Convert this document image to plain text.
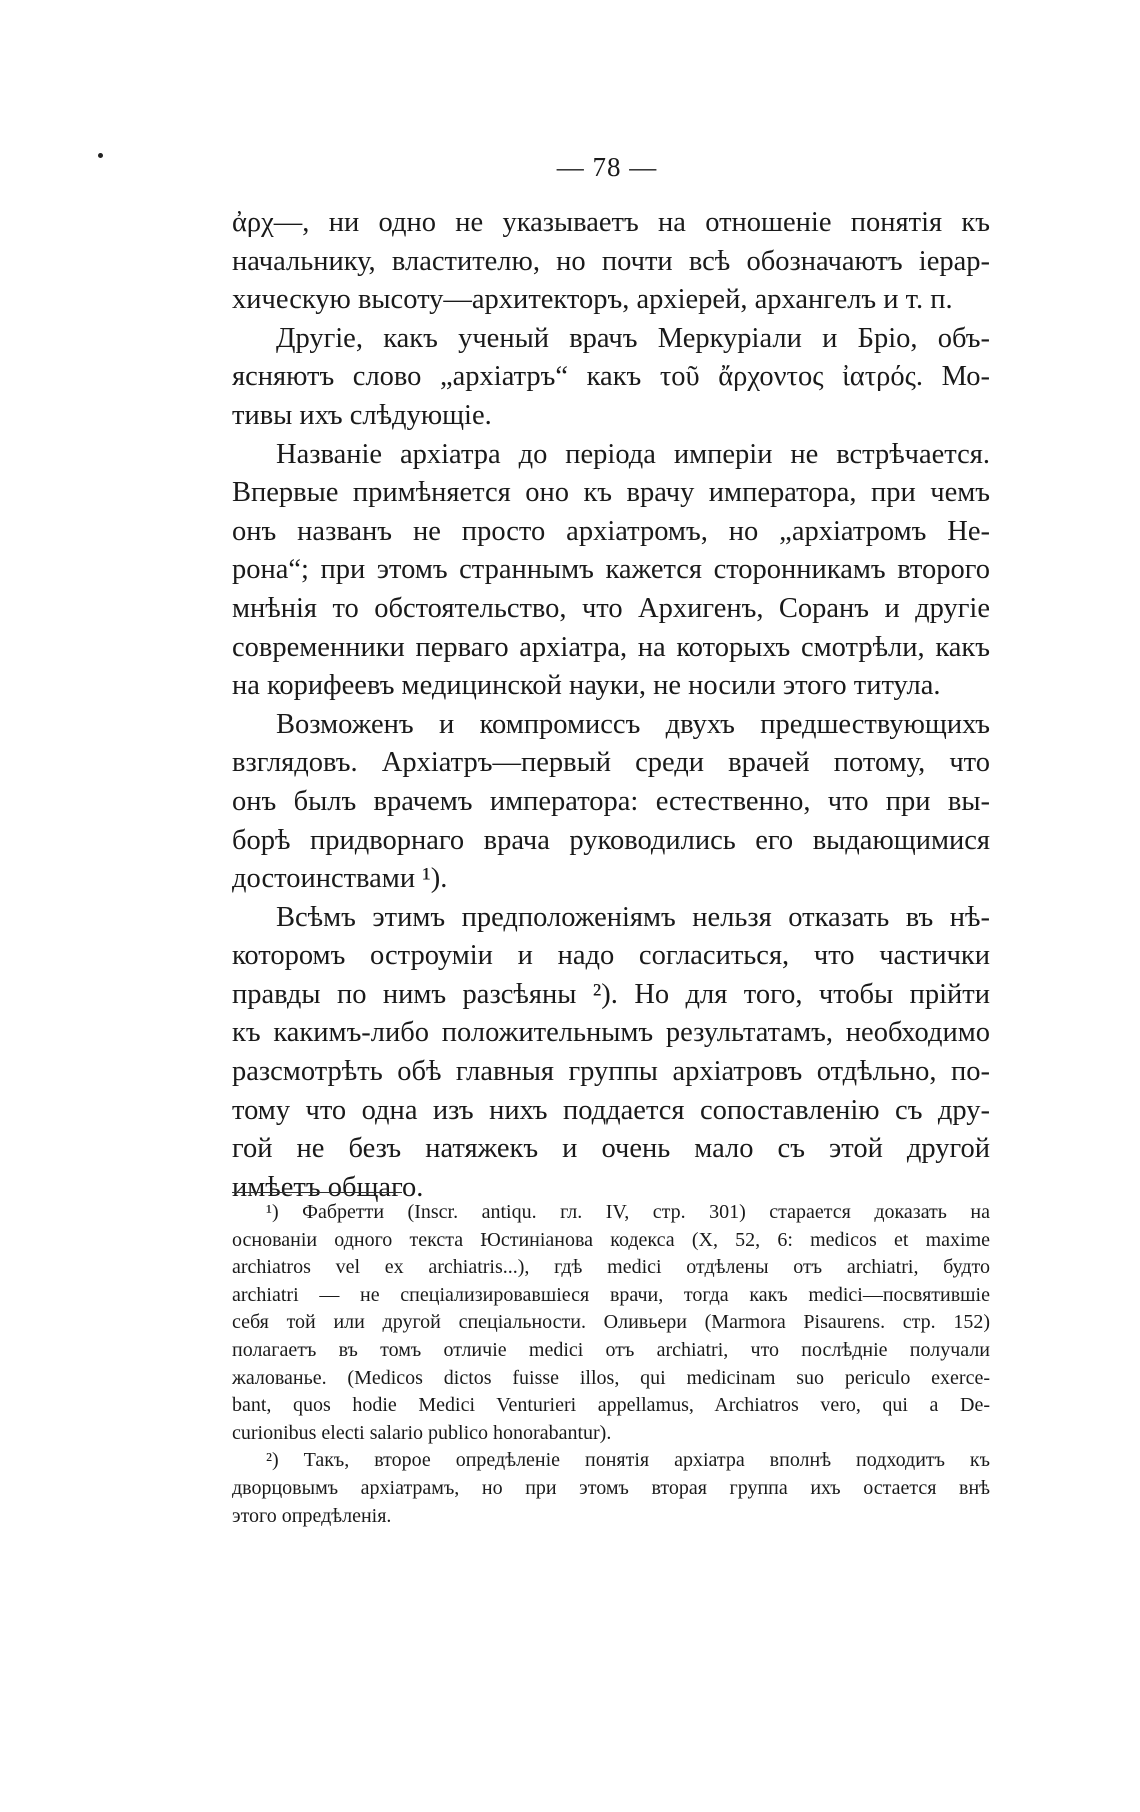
— 78 —
ἀρχ—, ни одно не указываетъ на отношеніе понятія къ
начальнику, властителю, но почти всѣ обозначаютъ іерар-
хическую высоту—архитекторъ, архіерей, архангелъ и т. п.
Другіе, какъ ученый врачъ Меркуріали и Бріо, объ-
ясняютъ слово „архіатръ“ какъ τοῦ ἄρχοντος ἰατρός. Мо-
тивы ихъ слѣдующіе.
Названіе архіатра до періода имперіи не встрѣчается.
Впервые примѣняется оно къ врачу императора, при чемъ
онъ названъ не просто архіатромъ, но „архіатромъ Не-
рона“; при этомъ страннымъ кажется сторонникамъ второго
мнѣнія то обстоятельство, что Архигенъ, Соранъ и другіе
современники перваго архіатра, на которыхъ смотрѣли, какъ
на корифеевъ медицинской науки, не носили этого титула.
Возможенъ и компромиссъ двухъ предшествующихъ
взглядовъ. Архіатръ—первый среди врачей потому, что
онъ былъ врачемъ императора: естественно, что при вы-
борѣ придворнаго врача руководились его выдающимися
достоинствами ¹).
Всѣмъ этимъ предположеніямъ нельзя отказать въ нѣ-
которомъ остроуміи и надо согласиться, что частички
правды по нимъ разсѣяны ²). Но для того, чтобы прійти
къ какимъ-либо положительнымъ результатамъ, необходимо
разсмотрѣть обѣ главныя группы архіатровъ отдѣльно, по-
тому что одна изъ нихъ поддается сопоставленію съ дру-
гой не безъ натяжекъ и очень мало съ этой другой
имѣетъ общаго.
¹) Фабретти (Inscr. antiqu. гл. IV, стр. 301) старается доказать на
основаніи одного текста Юстиніанова кодекса (X, 52, 6: medicos et maxime
archiatros vel ex archiatris...), гдѣ medici отдѣлены отъ archiatri, будто
archiatri — не спеціализировавшіеся врачи, тогда какъ medici—посвятившіе
себя той или другой спеціальности. Оливьери (Marmora Pisaurens. стр. 152)
полагаетъ въ томъ отличіе medici отъ archiatri, что послѣдніе получали
жалованье. (Medicos dictos fuisse illos, qui medicinam suo periculo exerce-
bant, quos hodie Medici Venturieri appellamus, Archiatros vero, qui a De-
curionibus electi salario publico honorabantur).
²) Такъ, второе опредѣленіе понятія архіатра вполнѣ подходитъ къ
дворцовымъ архіатрамъ, но при этомъ вторая группа ихъ остается внѣ
этого опредѣленія.
